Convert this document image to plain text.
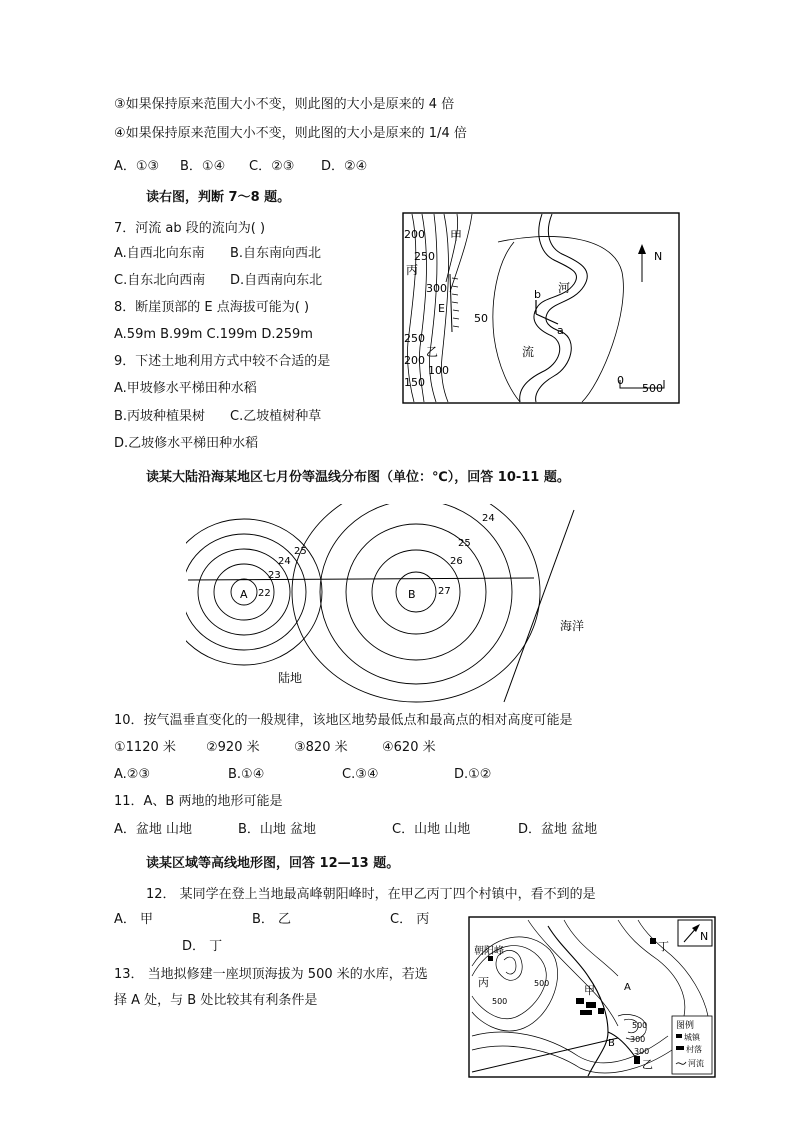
③如果保持原来范围大小不变，则此图的大小是原来的 4 倍
④如果保持原来范围大小不变，则此图的大小是原来的 1/4 倍
A．①③ B．①④ C．②③ D．②④
读右图，判断 7～8 题。
7．河流 ab 段的流向为( )
A.自西北向东南 B.自东南向西北
C.自东北向西南 D.自西南向东北
8．断崖顶部的 E 点海拔可能为( )
A.59m B.99m C.199m D.259m
9．下述土地利用方式中较不合适的是
A.甲坡修水平梯田种水稻
B.丙坡种植果树 C.乙坡植树种草
D.乙坡修水平梯田种水稻
N
0
500
200
250
300
250
200
150
100
50
甲
丙
乙
E
河
流
b
a
读某大陆沿海某地区七月份等温线分布图（单位：℃），回答 10-11 题。
A 22
23
24
25
B 27
26
25
24
陆地
海洋
10．按气温垂直变化的一般规律，该地区地势最低点和最高点的相对高度可能是
①1120 米 ②920 米	③820 米	④620 米
A.②③	B.①④	C.③④	D.①②
11．A、B 两地的地形可能是
A．盆地 山地	B．山地 盆地	C．山地 山地	D．盆地 盆地
读某区域等高线地形图，回答 12—13 题。
12． 某同学在登上当地最高峰朝阳峰时，在甲乙丙丁四个村镇中，看不到的是
A． 甲	B． 乙	C． 丙
D． 丁
13． 当地拟修建一座坝顶海拔为 500 米的水库，若选
择 A 处，与 B 处比较其有利条件是
N
朝阳峰
丙
甲
乙
丁
A
B
500
500
500
300
300
图例
城镇
村落
河流
